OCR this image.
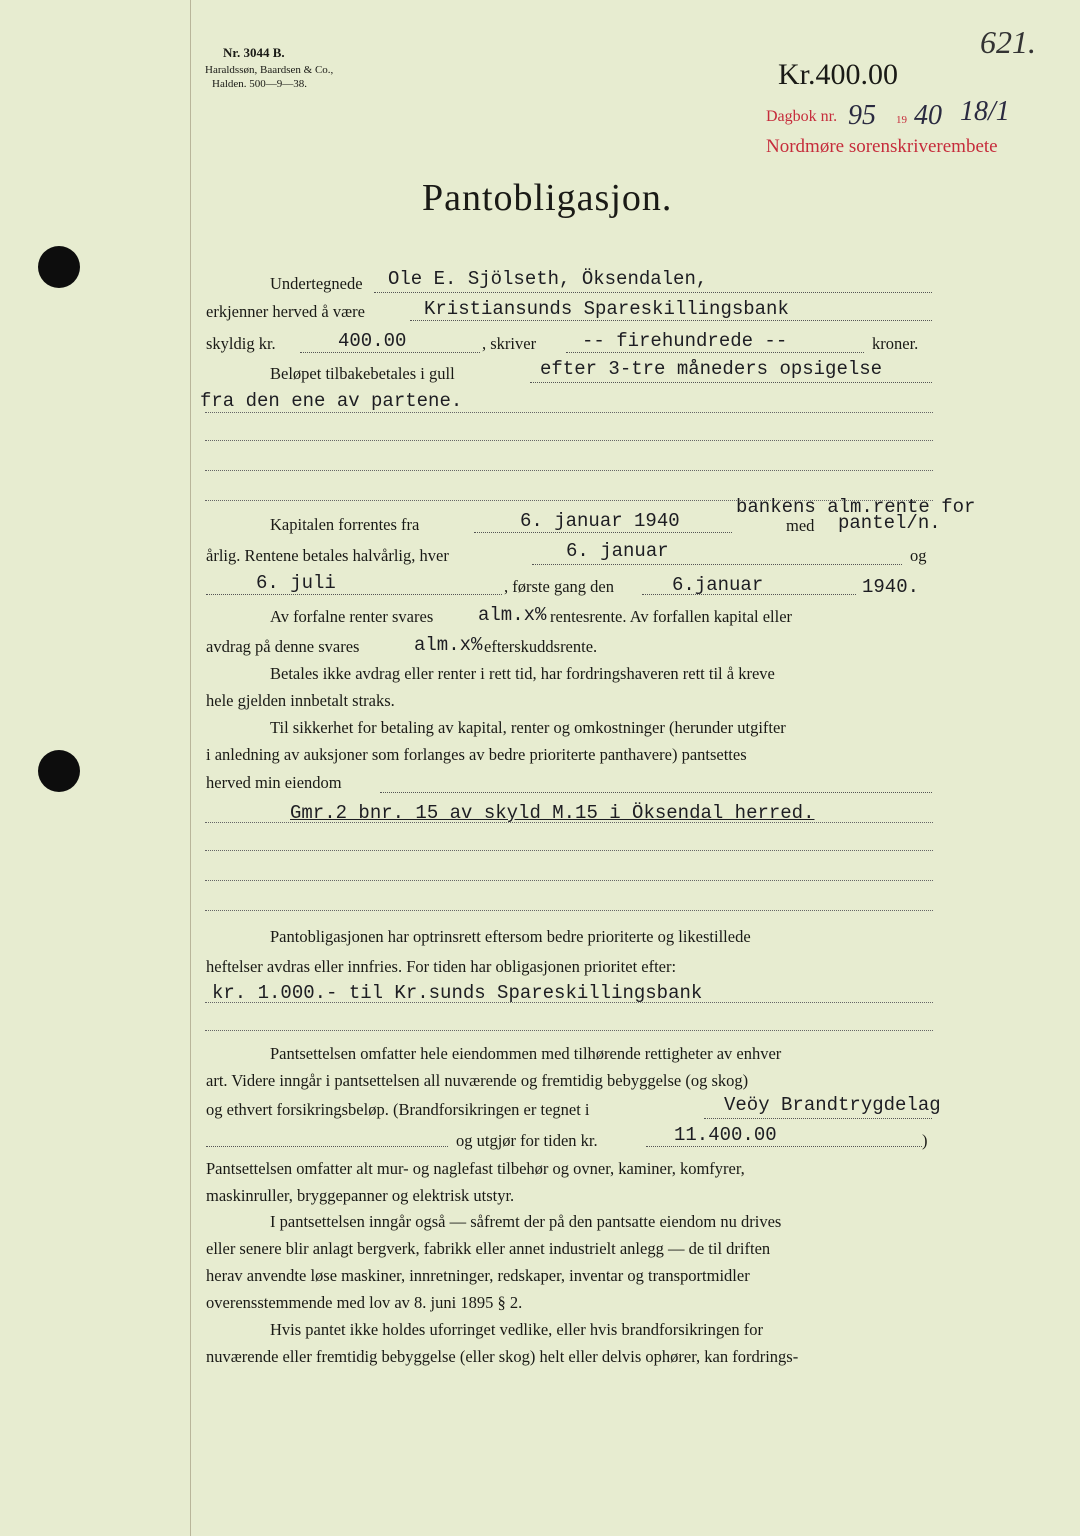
Nr. 3044 B.
Haraldssøn, Baardsen & Co.,
Halden. 500—9—38.
621.
Kr.400.00
Dagbok nr. 95 19 40 18/1
Nordmøre sorenskriverembete
Pantobligasjon.
Undertegnede Ole E. Sjölseth, Öksendalen,
erkjenner herved å være	Kristiansunds Spareskillingsbank
skyldig kr.	400.00	, skriver -- firehundrede --	kroner.
Beløpet tilbakebetales i gull	efter 3-tre måneders opsigelse
fra den ene av partene.
Kapitalen forrentes fra	6. januar 1940
bankens alm.rente for
med pantel/n.
årlig. Rentene betales halvårlig, hver	6. januar	og
6. juli	, første gang den	6.januar	1940.
Av forfalne renter svares alm.x% rentesrente. Av forfallen kapital eller
avdrag på denne svares	alm.x% efterskuddsrente.
Betales ikke avdrag eller renter i rett tid, har fordringshaveren rett til å kreve
hele gjelden innbetalt straks.
Til sikkerhet for betaling av kapital, renter og omkostninger (herunder utgifter
i anledning av auksjoner som forlanges av bedre prioriterte panthavere) pantsettes
herved min eiendom
Gmr.2 bnr. 15 av skyld M.15 i Öksendal herred.
Pantobligasjonen har optrinsrett eftersom bedre prioriterte og likestillede
heftelser avdras eller innfries. For tiden har obligasjonen prioritet efter:
kr. 1.000.- til Kr.sunds Spareskillingsbank
Pantsettelsen omfatter hele eiendommen med tilhørende rettigheter av enhver
art. Videre inngår i pantsettelsen all nuværende og fremtidig bebyggelse (og skog)
og ethvert forsikringsbeløp. (Brandforsikringen er tegnet i	Veöy Brandtrygdelag
og utgjør for tiden kr.	11.400.00	)
Pantsettelsen omfatter alt mur- og naglefast tilbehør og ovner, kaminer, komfyrer,
maskinruller, bryggepanner og elektrisk utstyr.
I pantsettelsen inngår også — såfremt der på den pantsatte eiendom nu drives
eller senere blir anlagt bergverk, fabrikk eller annet industrielt anlegg — de til driften
herav anvendte løse maskiner, innretninger, redskaper, inventar og transportmidler
overensstemmende med lov av 8. juni 1895 § 2.
Hvis pantet ikke holdes uforringet vedlike, eller hvis brandforsikringen for
nuværende eller fremtidig bebyggelse (eller skog) helt eller delvis ophører, kan fordrings-
